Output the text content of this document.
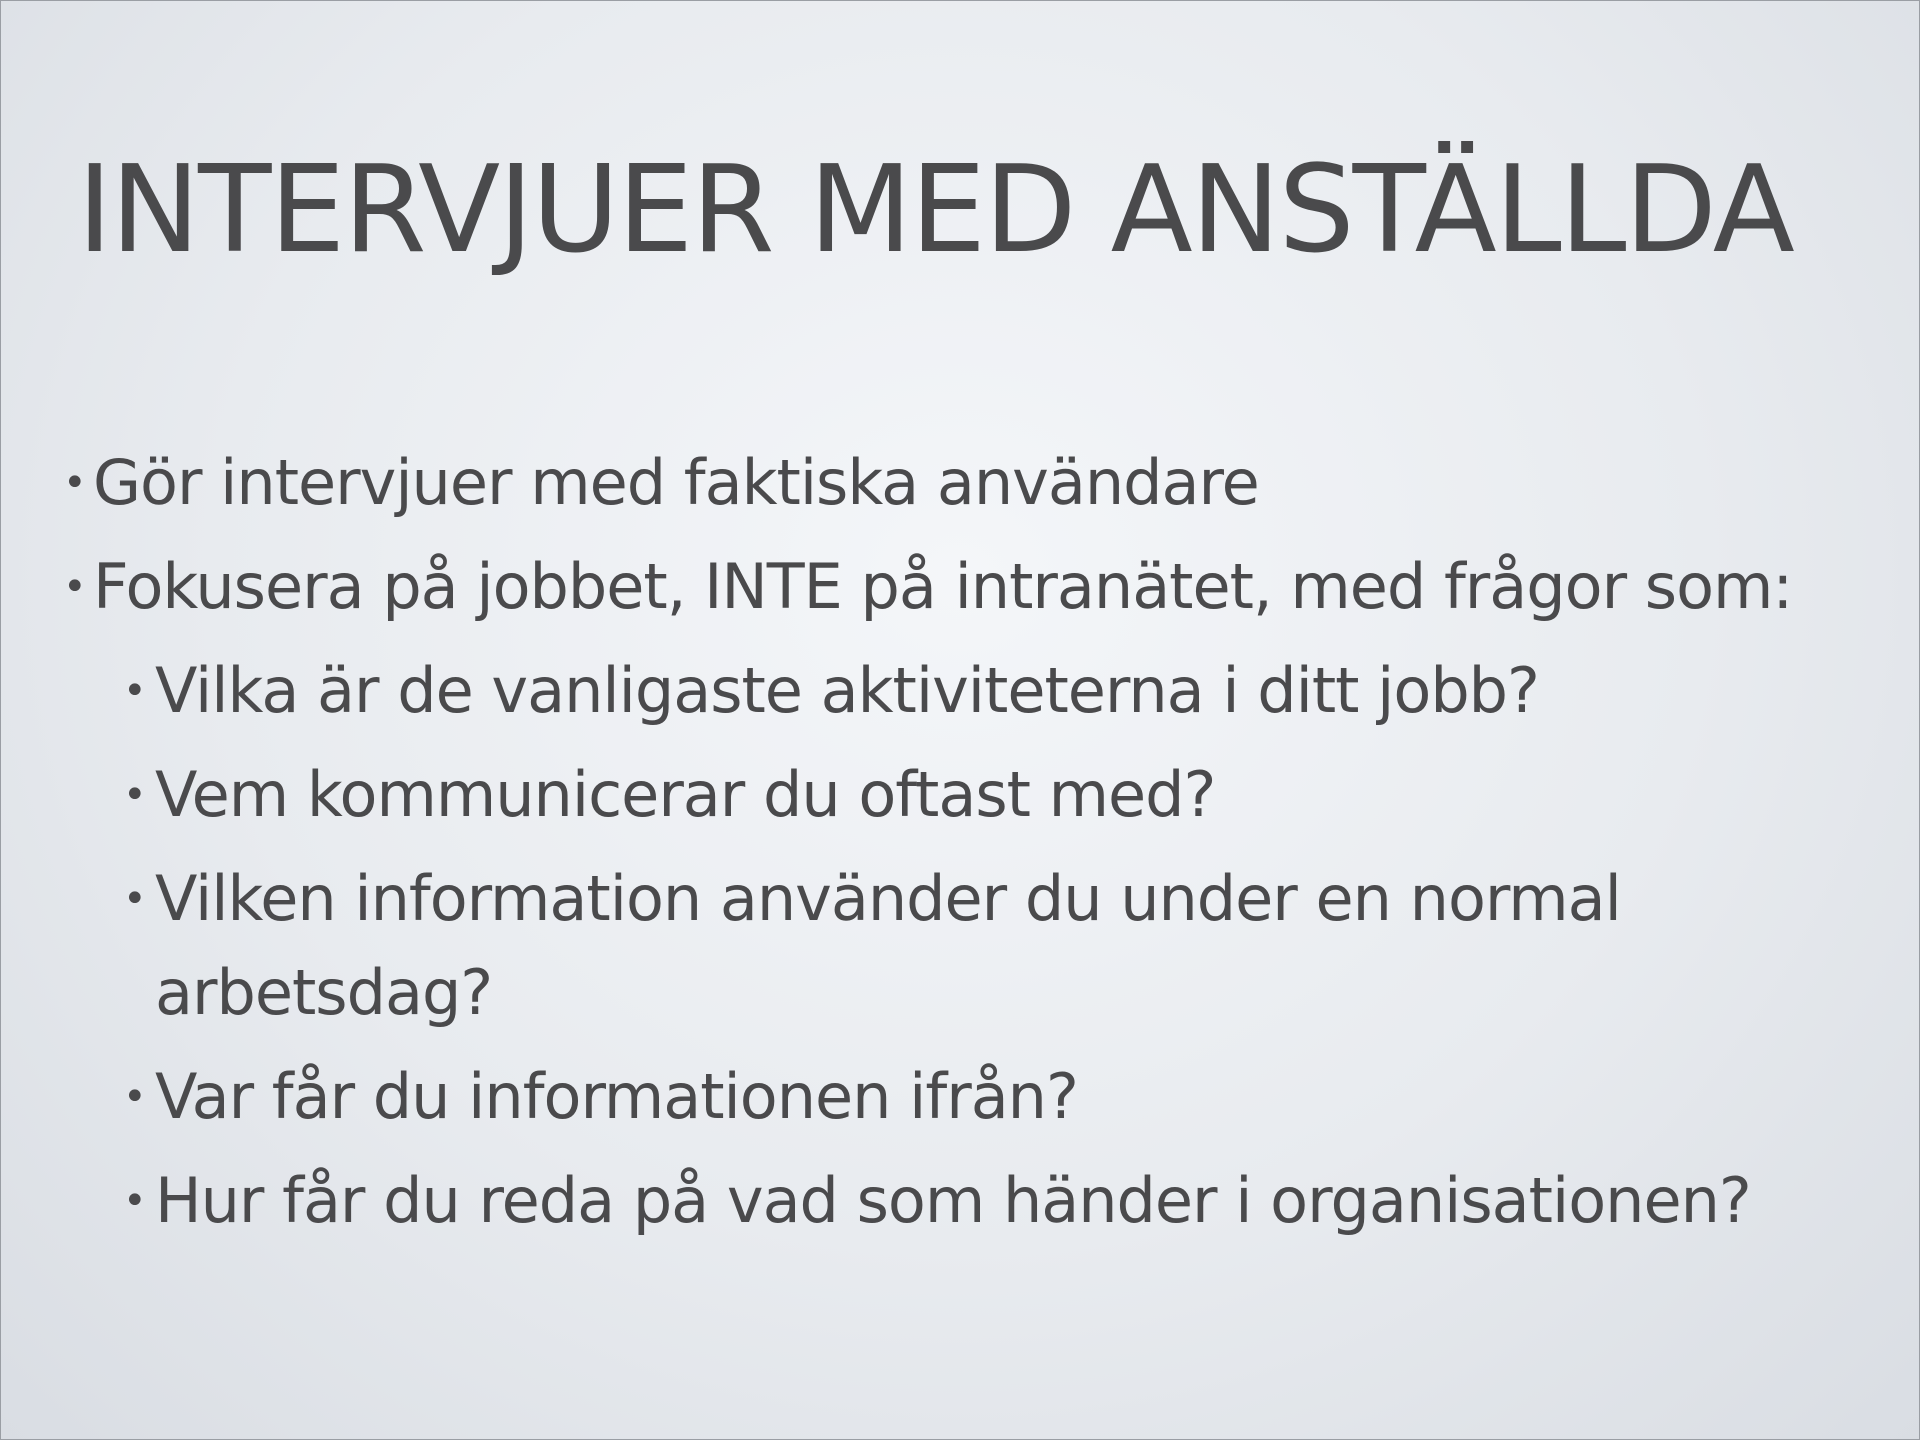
INTERVJUER MED ANSTÄLLDA
• Gör intervjuer med faktiska användare
• Fokusera på jobbet, INTE på intranätet, med frågor som:
• Vilka är de vanligaste aktiviteterna i ditt jobb?
• Vem kommunicerar du oftast med?
• Vilken information använder du under en normal arbetsdag?
• Var får du informationen ifrån?
• Hur får du reda på vad som händer i organisationen?
